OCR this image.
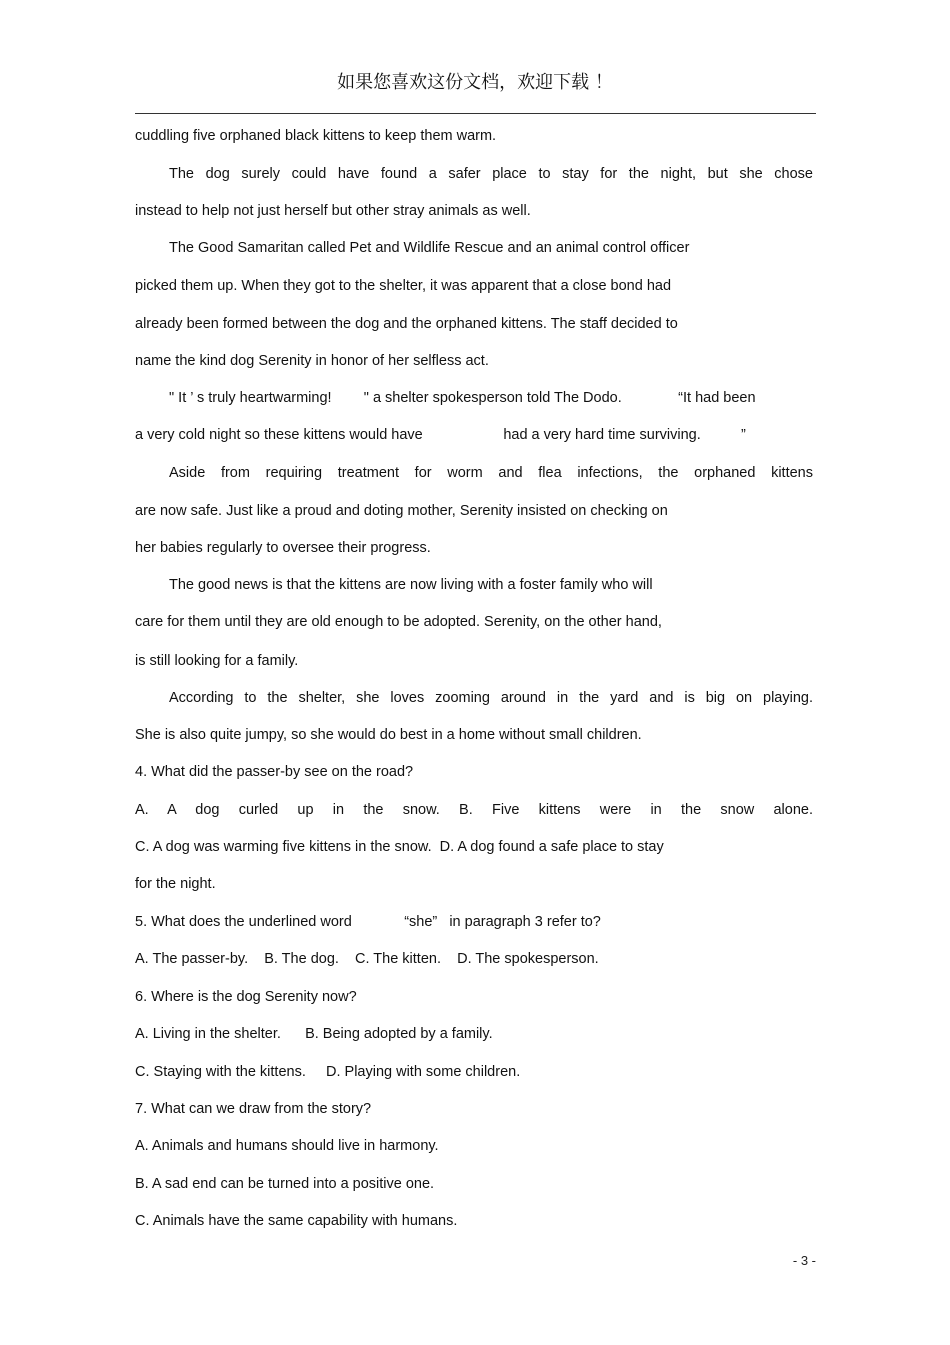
如果您喜欢这份文档，欢迎下载 ！
cuddling five orphaned black kittens to keep them warm.
The dog surely could have found a safer place to stay for the night, but she chose
instead to help not just herself but other stray animals as well.
The Good Samaritan called Pet and Wildlife Rescue and an animal control officer
picked them up. When they got to the shelter, it was apparent that a close bond had
already been formed between the dog and the orphaned kittens. The staff decided to
name the kind dog Serenity in honor of her selfless act.
" It ’ s truly heartwarming!        " a shelter spokesperson told The Dodo.              “It had been
a very cold night so these kittens would have                    had a very hard time surviving.          ”
Aside from requiring treatment for worm and flea infections, the orphaned kittens
are now safe. Just like a proud and doting mother, Serenity insisted on checking on
her babies regularly to oversee their progress.
The good news is that the kittens are now living with a foster family who will
care for them until they are old enough to be adopted. Serenity, on the other hand,
is still looking for a family.
According to the shelter, she loves zooming around in the yard and is big on playing.
She is also quite jumpy, so she would do best in a home without small children.
4. What did the passer-by see on the road?
A. A dog curled up in the snow. B. Five kittens were in the snow alone.
C. A dog was warming five kittens in the snow.  D. A dog found a safe place to stay
for the night.
5. What does the underlined word             “she”   in paragraph 3 refer to?
A. The passer-by.    B. The dog.    C. The kitten.    D. The spokesperson.
6. Where is the dog Serenity now?
A. Living in the shelter.      B. Being adopted by a family.
C. Staying with the kittens.     D. Playing with some children.
7. What can we draw from the story?
A. Animals and humans should live in harmony.
B. A sad end can be turned into a positive one.
C. Animals have the same capability with humans.
- 3 -
